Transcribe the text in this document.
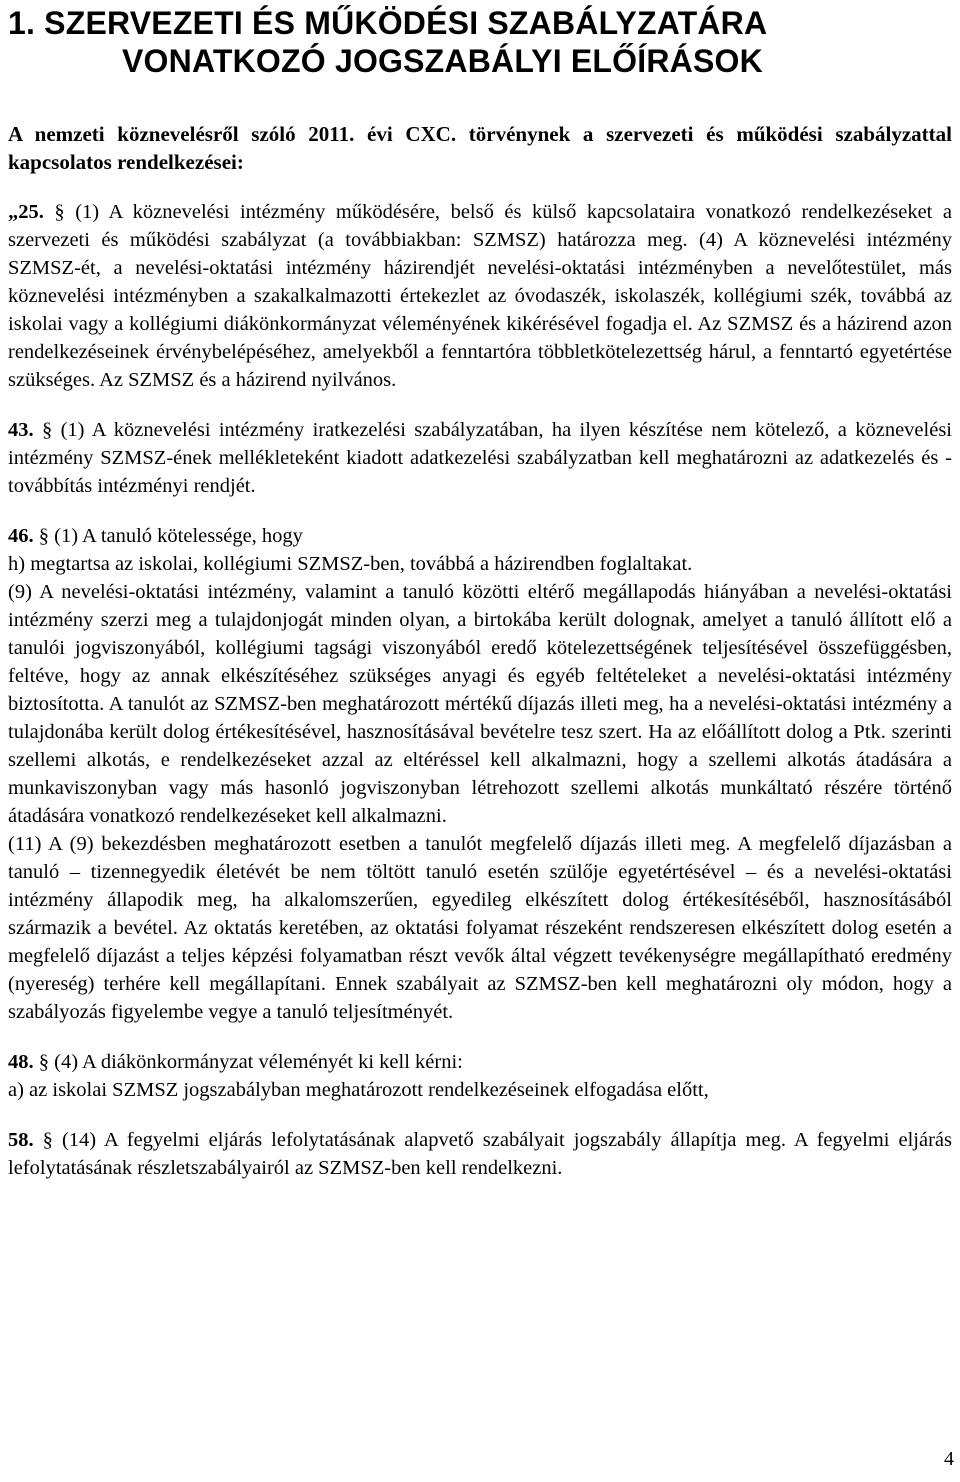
1. SZERVEZETI ÉS MŰKÖDÉSI SZABÁLYZATÁRA
VONATKOZÓ JOGSZABÁLYI ELŐÍRÁSOK

A nemzeti köznevelésről szóló 2011. évi CXC. törvénynek a szervezeti és működési szabályzattal kapcsolatos rendelkezései:

„25. § (1) A köznevelési intézmény működésére, belső és külső kapcsolataira vonatkozó rendelkezéseket a szervezeti és működési szabályzat (a továbbiakban: SZMSZ) határozza meg. (4) A köznevelési intézmény SZMSZ-ét, a nevelési-oktatási intézmény házirendjét nevelési-oktatási intézményben a nevelőtestület, más köznevelési intézményben a szakalkalmazotti értekezlet az óvodaszék, iskolaszék, kollégiumi szék, továbbá az iskolai vagy a kollégiumi diákönkormányzat véleményének kikérésével fogadja el. Az SZMSZ és a házirend azon rendelkezéseinek érvénybelépéséhez, amelyekből a fenntartóra többletkötelezettség hárul, a fenntartó egyetértése szükséges. Az SZMSZ és a házirend nyilvános.

43. § (1) A köznevelési intézmény iratkezelési szabályzatában, ha ilyen készítése nem kötelező, a köznevelési intézmény SZMSZ-ének mellékleteként kiadott adatkezelési szabályzatban kell meghatározni az adatkezelés és -továbbítás intézményi rendjét.

46. § (1) A tanuló kötelessége, hogy

h) megtartsa az iskolai, kollégiumi SZMSZ-ben, továbbá a házirendben foglaltakat.

(9) A nevelési-oktatási intézmény, valamint a tanuló közötti eltérő megállapodás hiányában a nevelési-oktatási intézmény szerzi meg a tulajdonjogát minden olyan, a birtokába került dolognak, amelyet a tanuló állított elő a tanulói jogviszonyából, kollégiumi tagsági viszonyából eredő kötelezettségének teljesítésével összefüggésben, feltéve, hogy az annak elkészítéséhez szükséges anyagi és egyéb feltételeket a nevelési-oktatási intézmény biztosította. A tanulót az SZMSZ-ben meghatározott mértékű díjazás illeti meg, ha a nevelési-oktatási intézmény a tulajdonába került dolog értékesítésével, hasznosításával bevételre tesz szert. Ha az előállított dolog a Ptk. szerinti szellemi alkotás, e rendelkezéseket azzal az eltéréssel kell alkalmazni, hogy a szellemi alkotás átadására a munkaviszonyban vagy más hasonló jogviszonyban létrehozott szellemi alkotás munkáltató részére történő átadására vonatkozó rendelkezéseket kell alkalmazni.

(11) A (9) bekezdésben meghatározott esetben a tanulót megfelelő díjazás illeti meg. A megfelelő díjazásban a tanuló – tizennegyedik életévét be nem töltött tanuló esetén szülője egyetértésével – és a nevelési-oktatási intézmény állapodik meg, ha alkalomszerűen, egyedileg elkészített dolog értékesítéséből, hasznosításából származik a bevétel. Az oktatás keretében, az oktatási folyamat részeként rendszeresen elkészített dolog esetén a megfelelő díjazást a teljes képzési folyamatban részt vevők által végzett tevékenységre megállapítható eredmény (nyereség) terhére kell megállapítani. Ennek szabályait az SZMSZ-ben kell meghatározni oly módon, hogy a szabályozás figyelembe vegye a tanuló teljesítményét.

48. § (4) A diákönkormányzat véleményét ki kell kérni:

a) az iskolai SZMSZ jogszabályban meghatározott rendelkezéseinek elfogadása előtt,

58. § (14) A fegyelmi eljárás lefolytatásának alapvető szabályait jogszabály állapítja meg. A fegyelmi eljárás lefolytatásának részletszabályairól az SZMSZ-ben kell rendelkezni.

4
